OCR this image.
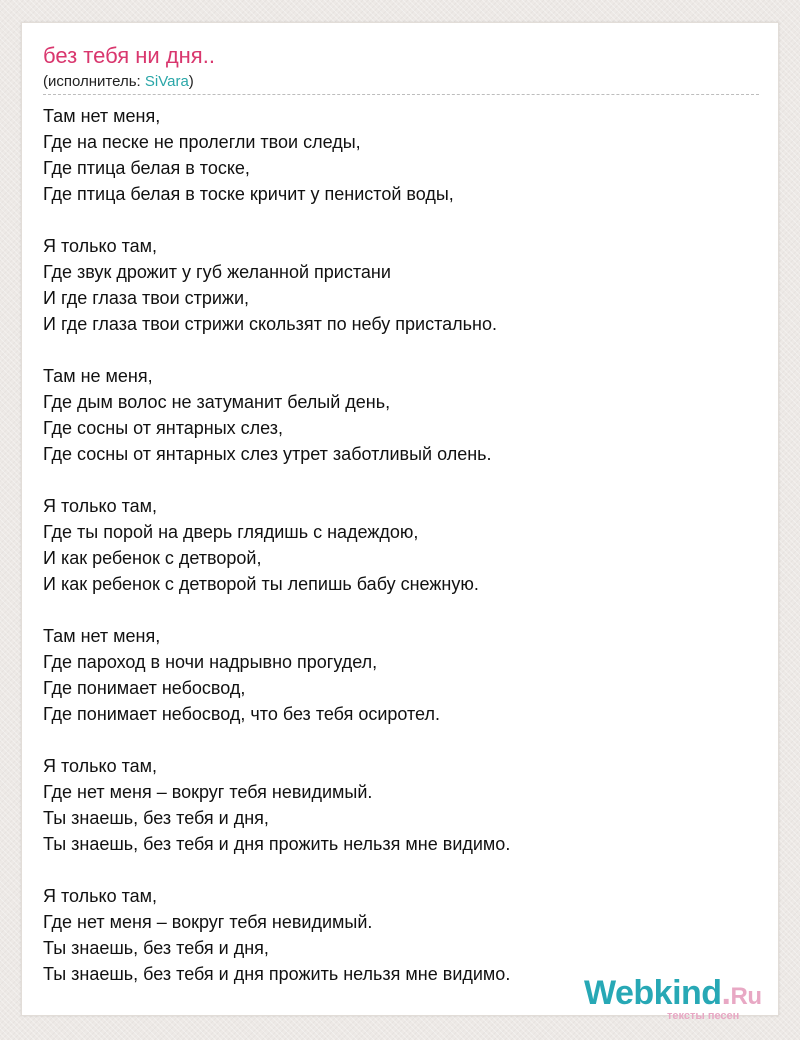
без тебя ни дня..
(исполнитель: SiVara)
Там нет меня,
Где на песке не пролегли твои следы,
Где птица белая в тоске,
Где птица белая в тоске кричит у пенистой воды,
Я только там,
Где звук дрожит у губ желанной пристани
И где глаза твои стрижи,
И где глаза твои стрижи скользят по небу пристально.
Там не меня,
Где дым волос не затуманит белый день,
Где сосны от янтарных слез,
Где сосны от янтарных слез утрет заботливый олень.
Я только там,
Где ты порой на дверь глядишь с надеждою,
И как ребенок с детворой,
И как ребенок с детворой ты лепишь бабу снежную.
Там нет меня,
Где пароход в ночи надрывно прогудел,
Где понимает небосвод,
Где понимает небосвод, что без тебя осиротел.
Я только там,
Где нет меня – вокруг тебя невидимый.
Ты знаешь, без тебя и дня,
Ты знаешь, без тебя и дня прожить нельзя мне видимо.
Я только там,
Где нет меня – вокруг тебя невидимый.
Ты знаешь, без тебя и дня,
Ты знаешь, без тебя и дня прожить нельзя мне видимо.	Webkind.Ru
тексты песен
